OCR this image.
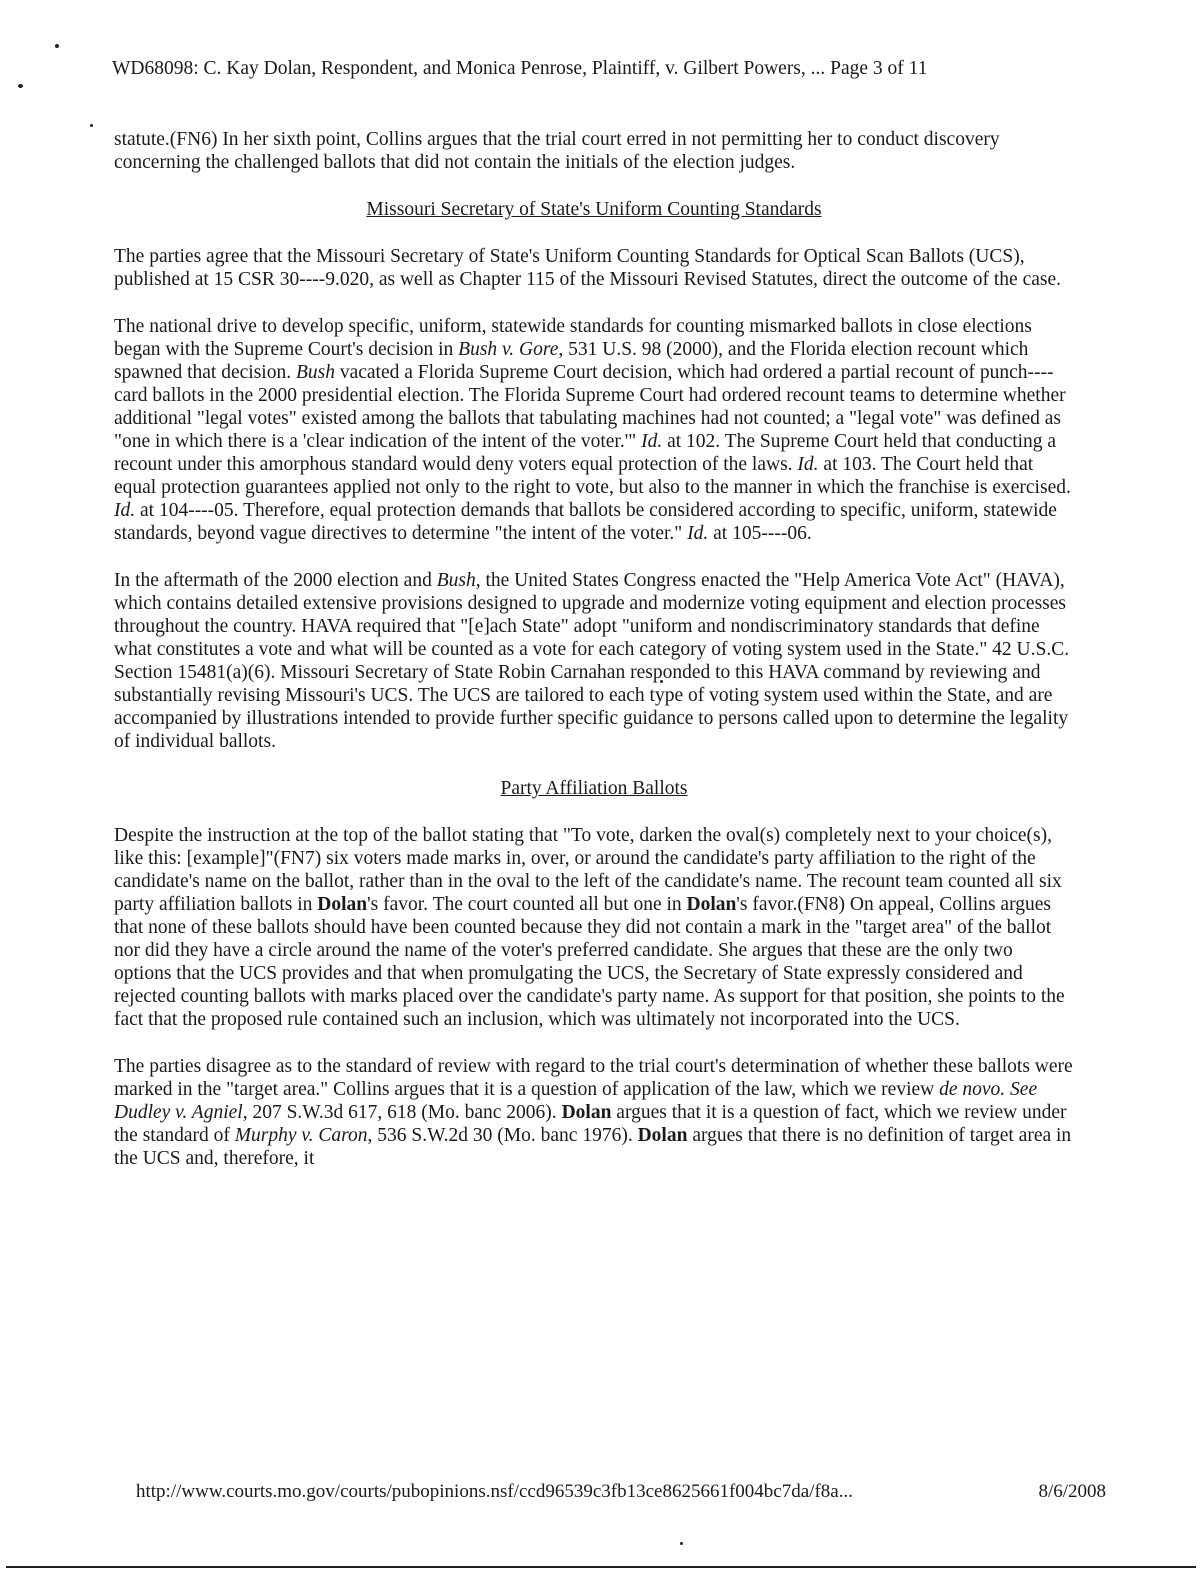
WD68098: C. Kay Dolan, Respondent, and Monica Penrose, Plaintiff, v. Gilbert Powers, ... Page 3 of 11

statute.(FN6) In her sixth point, Collins argues that the trial court erred in not permitting her to conduct discovery concerning the challenged ballots that did not contain the initials of the election judges.

Missouri Secretary of State's Uniform Counting Standards

The parties agree that the Missouri Secretary of State's Uniform Counting Standards for Optical Scan Ballots (UCS), published at 15 CSR 30----9.020, as well as Chapter 115 of the Missouri Revised Statutes, direct the outcome of the case.

The national drive to develop specific, uniform, statewide standards for counting mismarked ballots in close elections began with the Supreme Court's decision in Bush v. Gore, 531 U.S. 98 (2000), and the Florida election recount which spawned that decision. Bush vacated a Florida Supreme Court decision, which had ordered a partial recount of punch----card ballots in the 2000 presidential election. The Florida Supreme Court had ordered recount teams to determine whether additional "legal votes" existed among the ballots that tabulating machines had not counted; a "legal vote" was defined as "one in which there is a 'clear indication of the intent of the voter.'" Id. at 102. The Supreme Court held that conducting a recount under this amorphous standard would deny voters equal protection of the laws. Id. at 103. The Court held that equal protection guarantees applied not only to the right to vote, but also to the manner in which the franchise is exercised. Id. at 104----05. Therefore, equal protection demands that ballots be considered according to specific, uniform, statewide standards, beyond vague directives to determine "the intent of the voter." Id. at 105----06.

In the aftermath of the 2000 election and Bush, the United States Congress enacted the "Help America Vote Act" (HAVA), which contains detailed extensive provisions designed to upgrade and modernize voting equipment and election processes throughout the country. HAVA required that "[e]ach State" adopt "uniform and nondiscriminatory standards that define what constitutes a vote and what will be counted as a vote for each category of voting system used in the State." 42 U.S.C. Section 15481(a)(6). Missouri Secretary of State Robin Carnahan responded to this HAVA command by reviewing and substantially revising Missouri's UCS. The UCS are tailored to each type of voting system used within the State, and are accompanied by illustrations intended to provide further specific guidance to persons called upon to determine the legality of individual ballots.

Party Affiliation Ballots

Despite the instruction at the top of the ballot stating that "To vote, darken the oval(s) completely next to your choice(s), like this: [example]"(FN7) six voters made marks in, over, or around the candidate's party affiliation to the right of the candidate's name on the ballot, rather than in the oval to the left of the candidate's name. The recount team counted all six party affiliation ballots in Dolan's favor. The court counted all but one in Dolan's favor.(FN8) On appeal, Collins argues that none of these ballots should have been counted because they did not contain a mark in the "target area" of the ballot nor did they have a circle around the name of the voter's preferred candidate. She argues that these are the only two options that the UCS provides and that when promulgating the UCS, the Secretary of State expressly considered and rejected counting ballots with marks placed over the candidate's party name. As support for that position, she points to the fact that the proposed rule contained such an inclusion, which was ultimately not incorporated into the UCS.

The parties disagree as to the standard of review with regard to the trial court's determination of whether these ballots were marked in the "target area." Collins argues that it is a question of application of the law, which we review de novo. See Dudley v. Agniel, 207 S.W.3d 617, 618 (Mo. banc 2006). Dolan argues that it is a question of fact, which we review under the standard of Murphy v. Caron, 536 S.W.2d 30 (Mo. banc 1976). Dolan argues that there is no definition of target area in the UCS and, therefore, it

http://www.courts.mo.gov/courts/pubopinions.nsf/ccd96539c3fb13ce8625661f004bc7da/f8a...	8/6/2008
